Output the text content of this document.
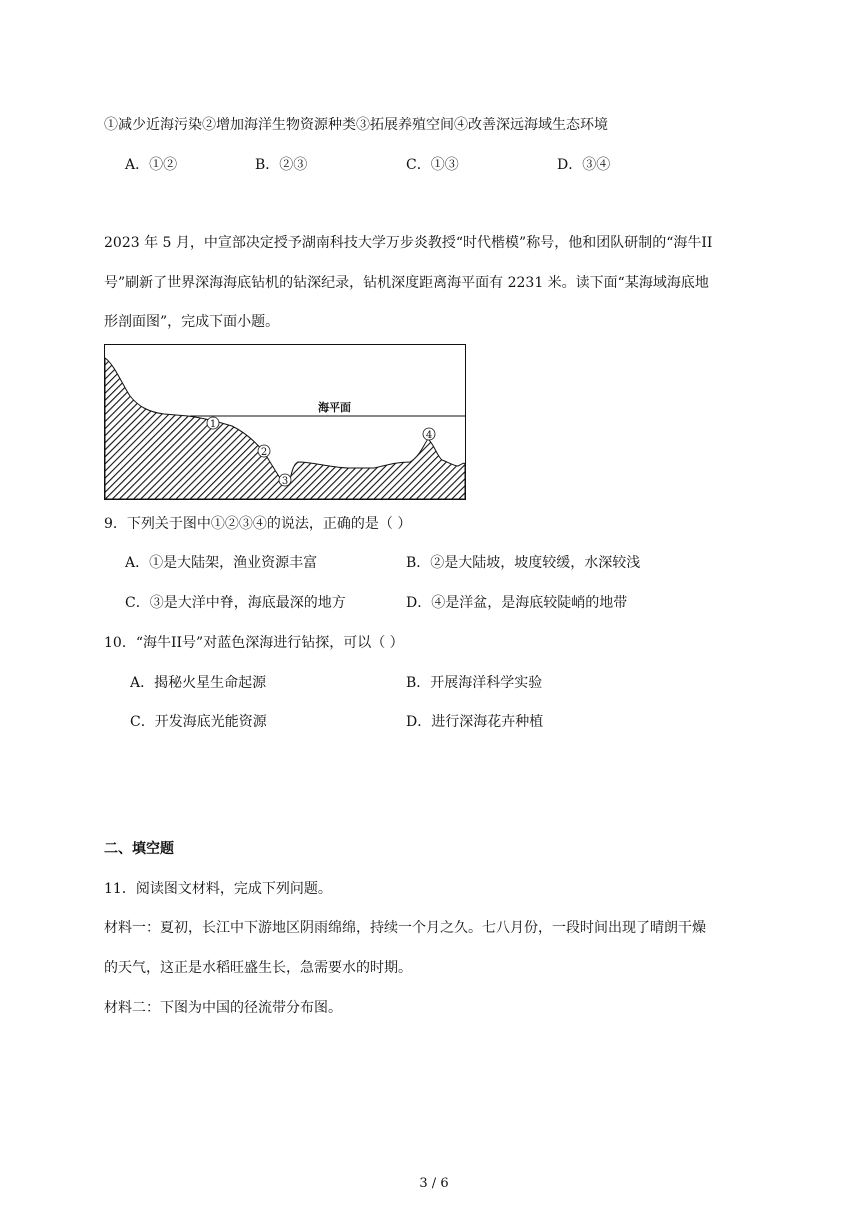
①减少近海污染②增加海洋生物资源种类③拓展养殖空间④改善深远海域生态环境
A．①②	B．②③	C．①③	D．③④
2023 年 5 月，中宣部决定授予湖南科技大学万步炎教授“时代楷模”称号，他和团队研制的“海牛II
号”刷新了世界深海海底钻机的钻深纪录，钻机深度距离海平面有 2231 米。读下面“某海域海底地
形剖面图”，完成下面小题。
海平面
1
2
3
4
9．下列关于图中①②③④的说法，正确的是（ ）
A．①是大陆架，渔业资源丰富	B．②是大陆坡，坡度较缓，水深较浅
C．③是大洋中脊，海底最深的地方	D．④是洋盆，是海底较陡峭的地带
10．“海牛II号”对蓝色深海进行钻探，可以（ ）
A．揭秘火星生命起源	B．开展海洋科学实验
C．开发海底光能资源	D．进行深海花卉种植
二、填空题
11．阅读图文材料，完成下列问题。
材料一：夏初，长江中下游地区阴雨绵绵，持续一个月之久。七八月份，一段时间出现了晴朗干燥
的天气，这正是水稻旺盛生长，急需要水的时期。
材料二：下图为中国的径流带分布图。
3 / 6
